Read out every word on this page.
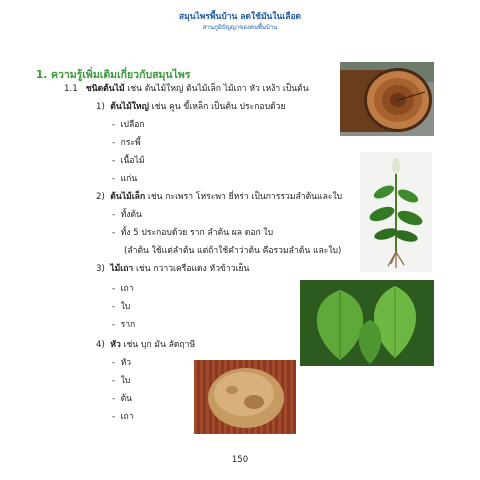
สมุนไพรพื้นบ้าน ลดใช้มันในเลือด
สานภูมิปัญญาของคนพื้นบ้าน
1. ความรู้เพิ่มเติมเกี่ยวกับสมุนไพร
1.1 ชนิดต้นไม้ เช่น ต้นไม้ใหญ่ ต้นไม้เล็ก ไม้เถา หัว เหง้า เป็นต้น
1) ต้นไม้ใหญ่ เช่น คูน ขี้เหล็ก เป็นต้น ประกอบด้วย
-  เปลือก
-  กระพี้
-  เนื้อไม้
-  แก่น
2) ต้นไม้เล็ก เช่น กะเพรา โหระพา ยี่หร่า เป็นการรวมลำต้นและใบ
-  ทั้งต้น
-  ทั้ง 5 ประกอบด้วย ราก ลำต้น ผล ดอก ใบ
(ลำต้น ใช้แต่ลำต้น แต่ถ้าใช้คำว่าต้น คือรวมลำต้น และใบ)
3) ไม้เถา เช่น กวาวเครือแดง หัวข้าวเย็น
-  เถา
-  ใบ
-  ราก
4) หัว เช่น บุก มัน ลัดฤาษี
-  หัว
-  ใบ
-  ต้น
-  เถา
150
